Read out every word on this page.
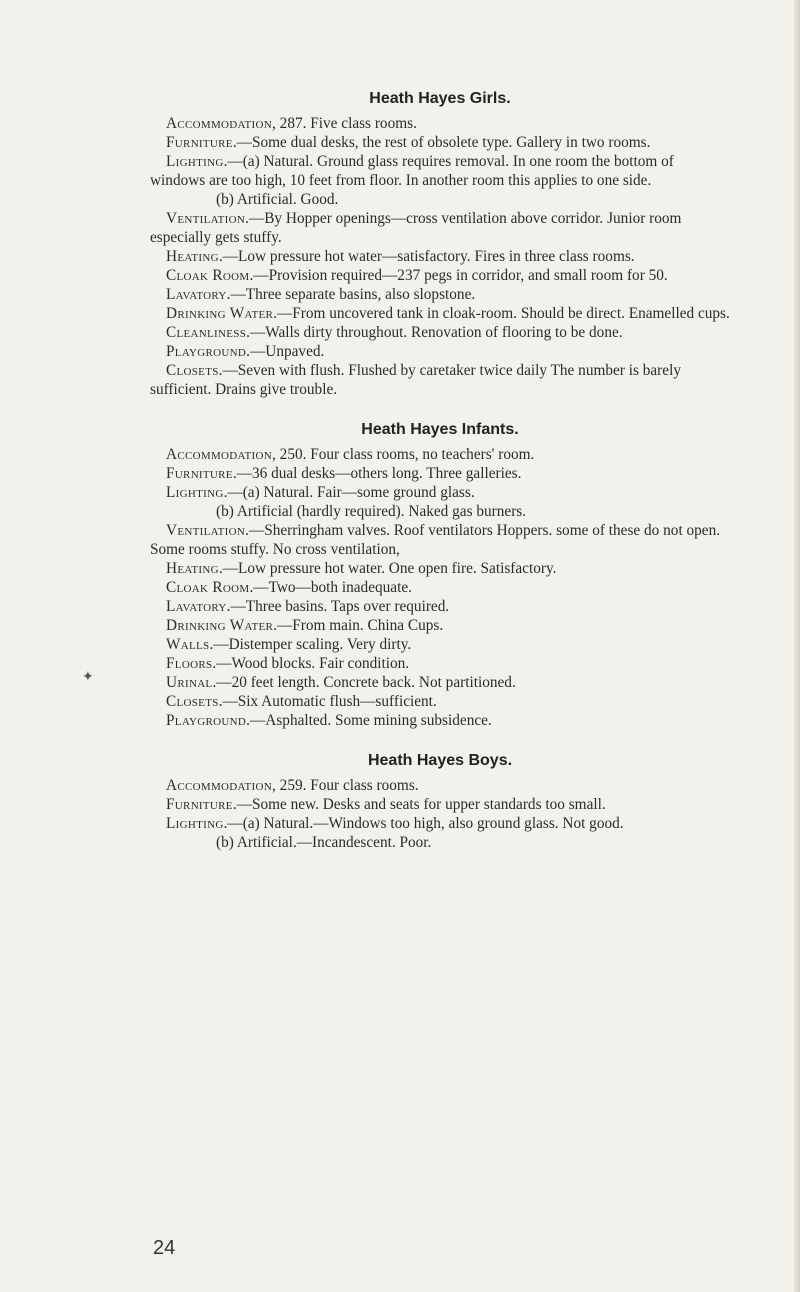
Heath Hayes Girls.

Accommodation, 287. Five class rooms.

Furniture.—Some dual desks, the rest of obsolete type. Gallery in two rooms.

Lighting.—(a) Natural. Ground glass requires removal. In one room the bottom of windows are too high, 10 feet from floor. In another room this applies to one side.

(b) Artificial. Good.

Ventilation.—By Hopper openings—cross ventilation above corridor. Junior room especially gets stuffy.

Heating.—Low pressure hot water—satisfactory. Fires in three class rooms.

Cloak Room.—Provision required—237 pegs in corridor, and small room for 50.

Lavatory.—Three separate basins, also slopstone.

Drinking Water.—From uncovered tank in cloak-room. Should be direct. Enamelled cups.

Cleanliness.—Walls dirty throughout. Renovation of flooring to be done.

Playground.—Unpaved.

Closets.—Seven with flush. Flushed by caretaker twice daily The number is barely sufficient. Drains give trouble.

Heath Hayes Infants.

Accommodation, 250. Four class rooms, no teachers' room.

Furniture.—36 dual desks—others long. Three galleries.

Lighting.—(a) Natural. Fair—some ground glass.

(b) Artificial (hardly required). Naked gas burners.

Ventilation.—Sherringham valves. Roof ventilators Hoppers. some of these do not open. Some rooms stuffy. No cross ventilation,

Heating.—Low pressure hot water. One open fire. Satisfactory.

Cloak Room.—Two—both inadequate.

Lavatory.—Three basins. Taps over required.

Drinking Water.—From main. China Cups.

Walls.—Distemper scaling. Very dirty.

Floors.—Wood blocks. Fair condition.

Urinal.—20 feet length. Concrete back. Not partitioned.

Closets.—Six Automatic flush—sufficient.

Playground.—Asphalted. Some mining subsidence.

Heath Hayes Boys.

Accommodation, 259. Four class rooms.

Furniture.—Some new. Desks and seats for upper standards too small.

Lighting.—(a) Natural.—Windows too high, also ground glass. Not good.

(b) Artificial.—Incandescent. Poor.

✦
24
